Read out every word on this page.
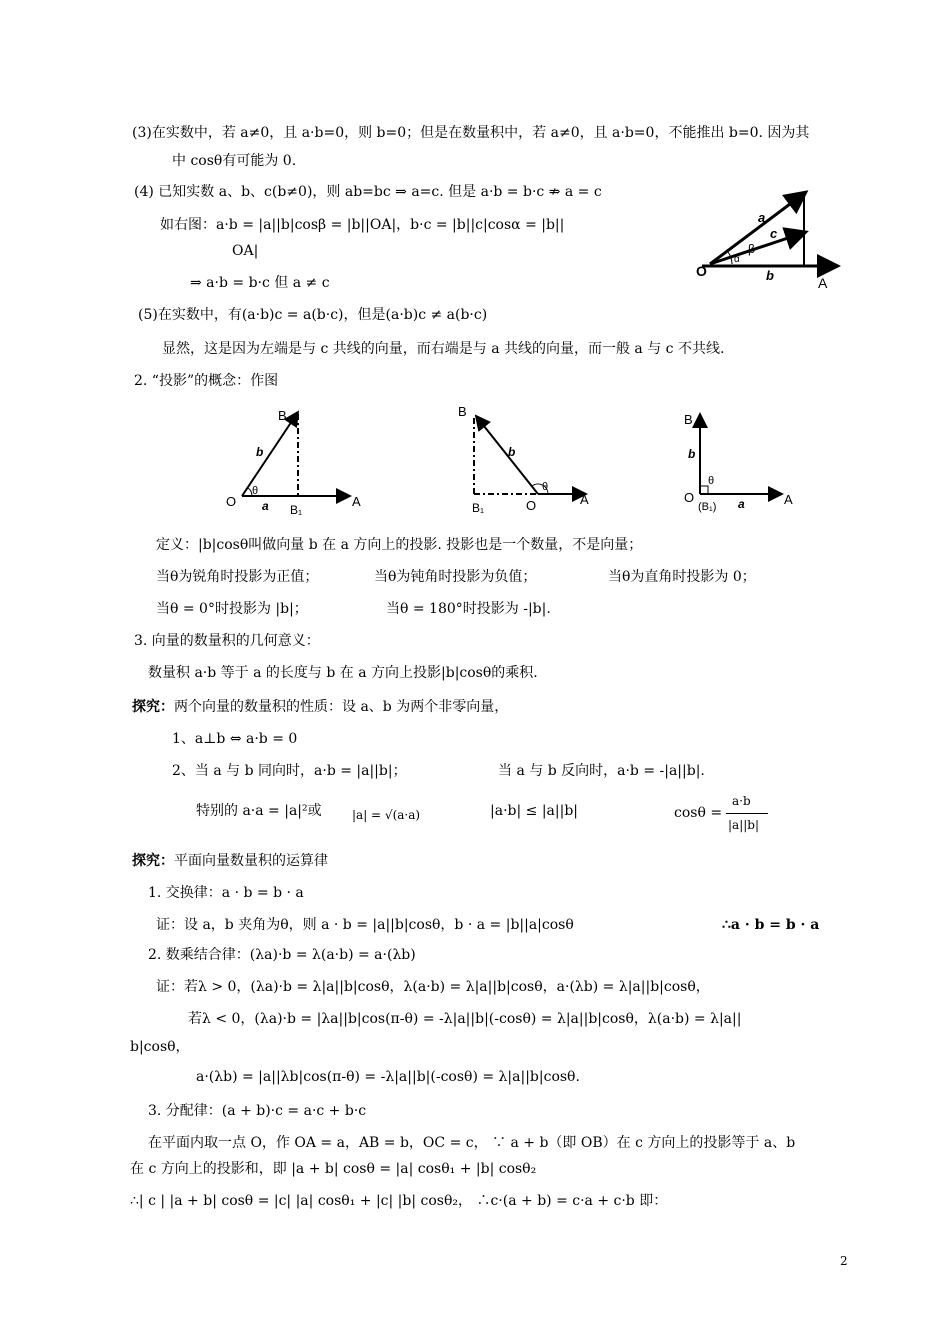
(3)在实数中，若 a≠0，且 a·b=0，则 b=0；但是在数量积中，若 a≠0，且 a·b=0，不能推出 b=0. 因为其
中 cosθ有可能为 0.
(4) 已知实数 a、b、c(b≠0)，则 ab=bc ⇒ a=c. 但是 a·b = b·c ⇏ a = c
如右图：a·b = |a||b|cosβ = |b||OA|，b·c = |b||c|cosα = |b||
OA|
⇒ a·b = b·c 但 a ≠ c
a
c
β
α
b
O
A
(5)在实数中，有(a·b)c = a(b·c)，但是(a·b)c ≠ a(b·c)
显然，这是因为左端是与 c 共线的向量，而右端是与 a 共线的向量，而一般 a 与 c 不共线.
2. “投影”的概念：作图
B
b
θ
O a B₁
A
B
b
θ
B₁	O	A
B
b
θ
O
(B₁) a	A
定义：|b|cosθ叫做向量 b 在 a 方向上的投影. 投影也是一个数量，不是向量；
当θ为锐角时投影为正值；	当θ为钝角时投影为负值；	当θ为直角时投影为 0；
当θ = 0°时投影为 |b|；	当θ = 180°时投影为 -|b|.
3. 向量的数量积的几何意义：
数量积 a·b 等于 a 的长度与 b 在 a 方向上投影|b|cosθ的乘积.
探究：两个向量的数量积的性质：设 a、b 为两个非零向量，
1、a⊥b ⇔ a·b = 0
2、当 a 与 b 同向时，a·b = |a||b|；	当 a 与 b 反向时，a·b = -|a||b|.
特别的 a·a = |a|²或	|a| = √(a·a)	|a·b| ≤ |a||b|	cosθ =
a·b
|a||b|
探究：平面向量数量积的运算律
1. 交换律：a · b = b · a
证：设 a，b 夹角为θ，则 a · b = |a||b|cosθ，b · a = |b||a|cosθ	∴a · b = b · a
2. 数乘结合律：(λa)·b = λ(a·b) = a·(λb)
证：若λ > 0，(λa)·b = λ|a||b|cosθ，λ(a·b) = λ|a||b|cosθ，a·(λb) = λ|a||b|cosθ，
若λ < 0，(λa)·b = |λa||b|cos(π-θ) = -λ|a||b|(-cosθ) = λ|a||b|cosθ，λ(a·b) = λ|a||
b|cosθ，
a·(λb) = |a||λb|cos(π-θ) = -λ|a||b|(-cosθ) = λ|a||b|cosθ.
3. 分配律：(a + b)·c = a·c + b·c
在平面内取一点 O，作 OA = a，AB = b，OC = c， ∵ a + b（即 OB）在 c 方向上的投影等于 a、b
在 c 方向上的投影和，即 |a + b| cosθ = |a| cosθ₁ + |b| cosθ₂
∴| c | |a + b| cosθ = |c| |a| cosθ₁ + |c| |b| cosθ₂， ∴c·(a + b) = c·a + c·b 即：
2
